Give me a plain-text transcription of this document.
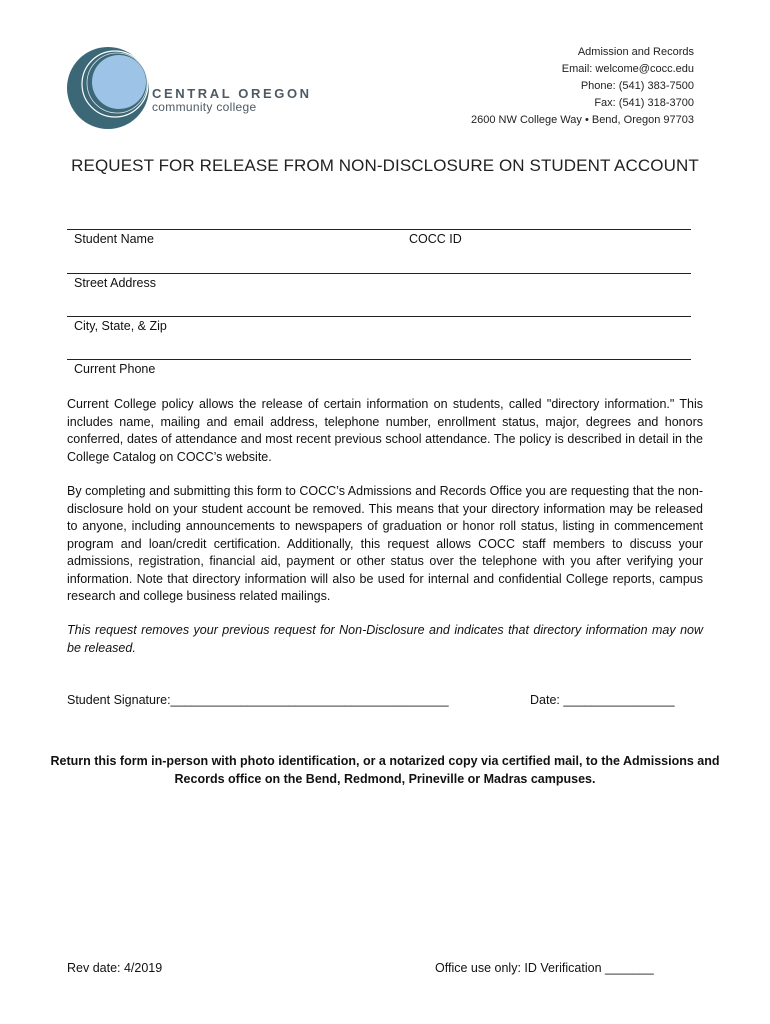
CENTRAL OREGON
community college
Admission and Records
Email: welcome@cocc.edu
Phone: (541) 383-7500
Fax: (541) 318-3700
2600 NW College Way • Bend, Oregon 97703
REQUEST FOR RELEASE FROM NON-DISCLOSURE ON STUDENT ACCOUNT
Student Name	COCC ID
Street Address
City, State, & Zip
Current Phone
Current College policy allows the release of certain information on students, called "directory information." This includes name, mailing and email address, telephone number, enrollment status, major, degrees and honors conferred, dates of attendance and most recent previous school attendance. The policy is described in detail in the College Catalog on COCC’s website.
By completing and submitting this form to COCC’s Admissions and Records Office you are requesting that the non-disclosure hold on your student account be removed. This means that your directory information may be released to anyone, including announcements to newspapers of graduation or honor roll status, listing in commencement program and loan/credit certification. Additionally, this request allows COCC staff members to discuss your admissions, registration, financial aid, payment or other status over the telephone with you after verifying your information. Note that directory information will also be used for internal and confidential College reports, campus research and college business related mailings.
This request removes your previous request for Non-Disclosure and indicates that directory information may now be released.
Student Signature:________________________________________	Date: ________________
Return this form in-person with photo identification, or a notarized copy via certified mail, to the Admissions and Records office on the Bend, Redmond, Prineville or Madras campuses.
Rev date: 4/2019	Office use only: ID Verification _______
